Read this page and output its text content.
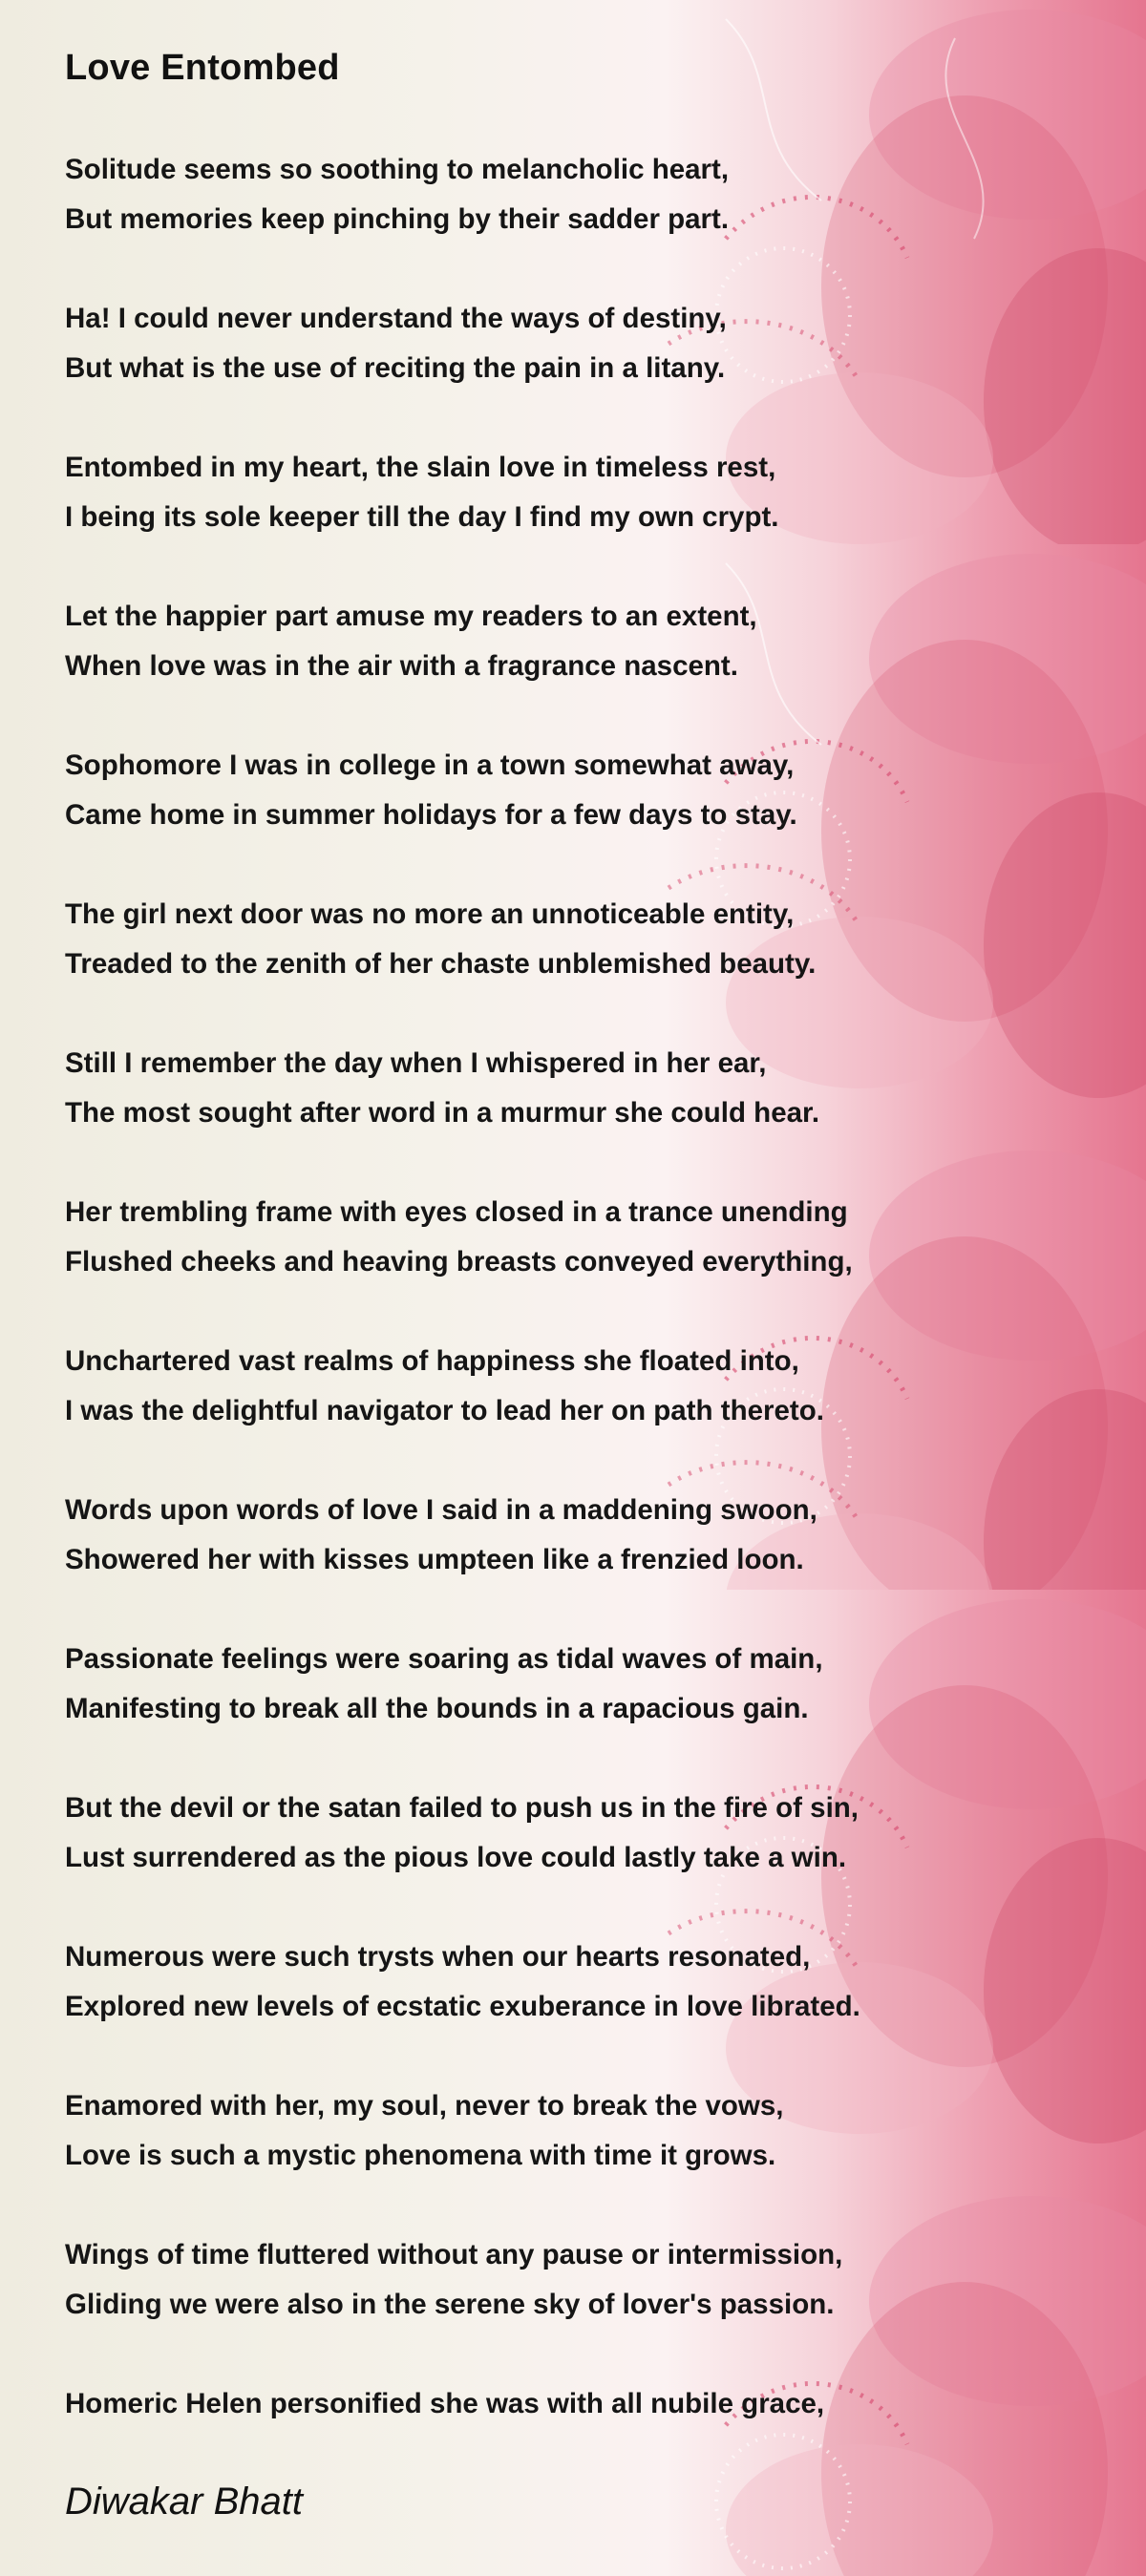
Love Entombed
Solitude seems so soothing to melancholic heart,
But memories keep pinching by their sadder part.
Ha! I could never understand the ways of destiny,
But what is the use of reciting the pain in a litany.
Entombed in my heart, the slain love in timeless rest,
I being its sole keeper till the day I find my own crypt.
Let the happier part amuse my readers to an extent,
When love was in the air with a fragrance nascent.
Sophomore I was in college in a town somewhat away,
Came home in summer holidays for a few days to stay.
The girl next door was no more an unnoticeable entity,
Treaded to the zenith of her chaste unblemished beauty.
Still I remember the day when I whispered in her ear,
The most sought after word in a murmur she could hear.
Her trembling frame with eyes closed in a trance unending
Flushed cheeks and heaving breasts conveyed everything,
Unchartered vast realms of happiness she floated into,
I was the delightful navigator to lead her on path thereto.
Words upon words of love I said in a maddening swoon,
Showered her with kisses umpteen like a frenzied loon.
Passionate feelings were soaring as tidal waves of main,
Manifesting to break all the bounds in a rapacious gain.
But the devil or the satan failed to push us in the fire of sin,
Lust surrendered as the pious love could lastly take a win.
Numerous were such trysts when our hearts resonated,
Explored new levels of ecstatic exuberance in love librated.
Enamored with her, my soul, never to break the vows,
Love is such a mystic phenomena with time it grows.
Wings of time fluttered without any pause or intermission,
Gliding we were also in the serene sky of lover's passion.
Homeric Helen personified she was with all nubile grace,

Diwakar Bhatt
